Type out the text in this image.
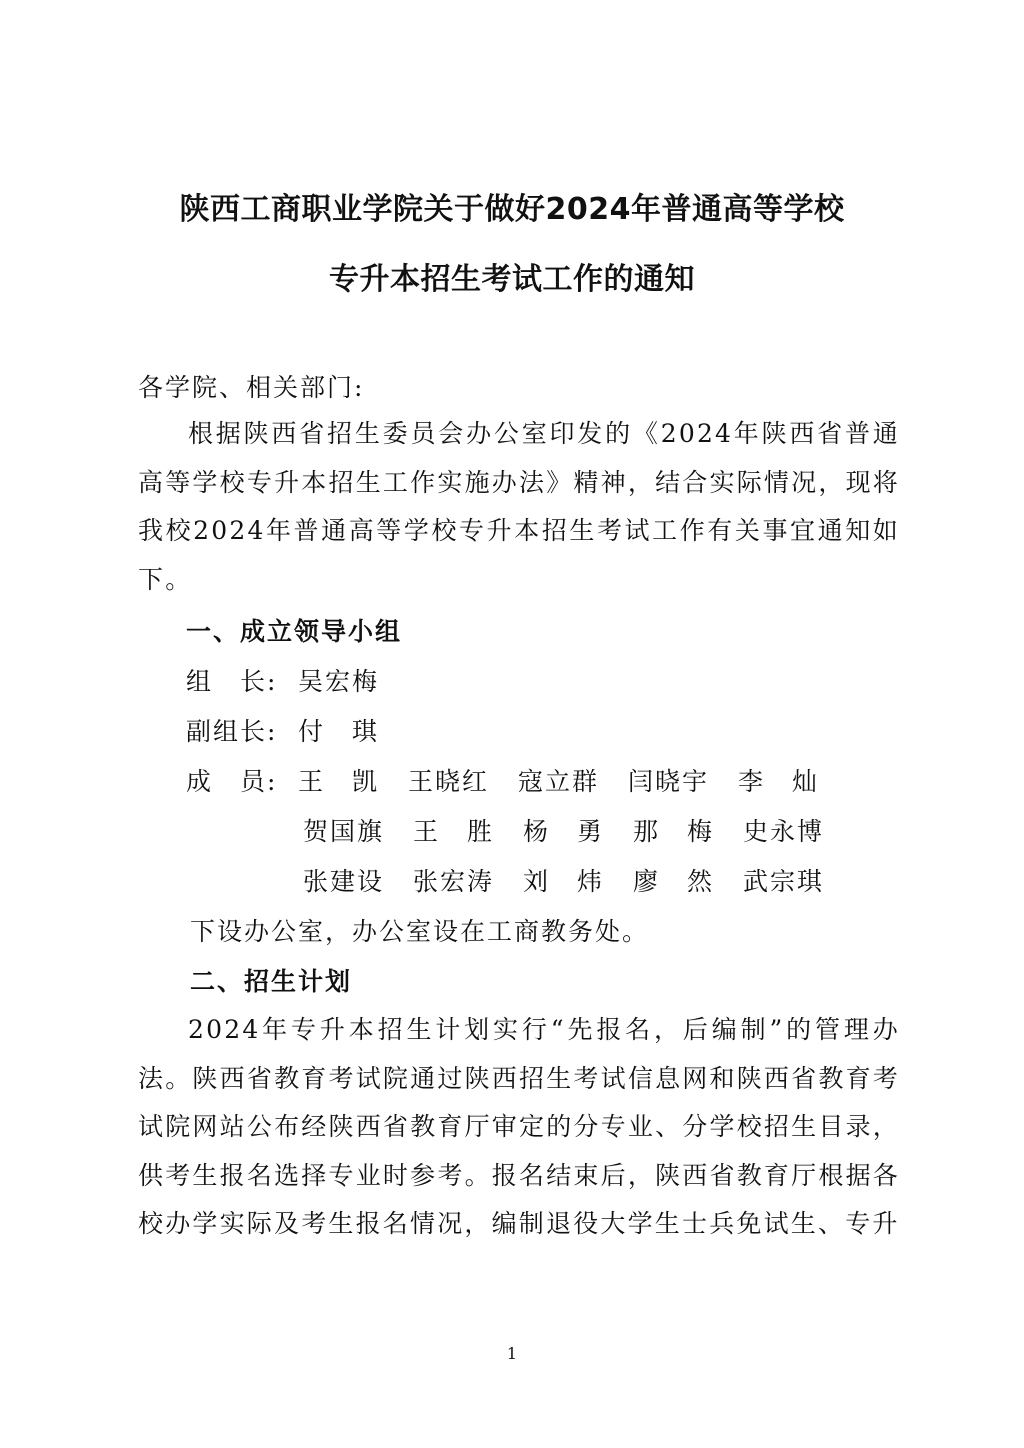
陕西工商职业学院关于做好2024年普通高等学校
专升本招生考试工作的通知
各学院、相关部门:

根据陕西省招生委员会办公室印发的《2024年陕西省普通高等学校专升本招生工作实施办法》精神，结合实际情况，现将我校2024年普通高等学校专升本招生考试工作有关事宜通知如下。

一、成立领导小组
组　长: 吴宏梅
副组长: 付　琪
成　员: 王　凯	王晓红	寇立群	闫晓宇	李　灿
贺国旗	王　胜	杨　勇	那　梅	史永博
张建设	张宏涛	刘　炜	廖　然	武宗琪
下设办公室，办公室设在工商教务处。
二、招生计划

2024年专升本招生计划实行“先报名，后编制”的管理办法。陕西省教育考试院通过陕西招生考试信息网和陕西省教育考试院网站公布经陕西省教育厅审定的分专业、分学校招生目录，供考生报名选择专业时参考。报名结束后，陕西省教育厅根据各校办学实际及考生报名情况，编制退役大学生士兵免试生、专升

1
